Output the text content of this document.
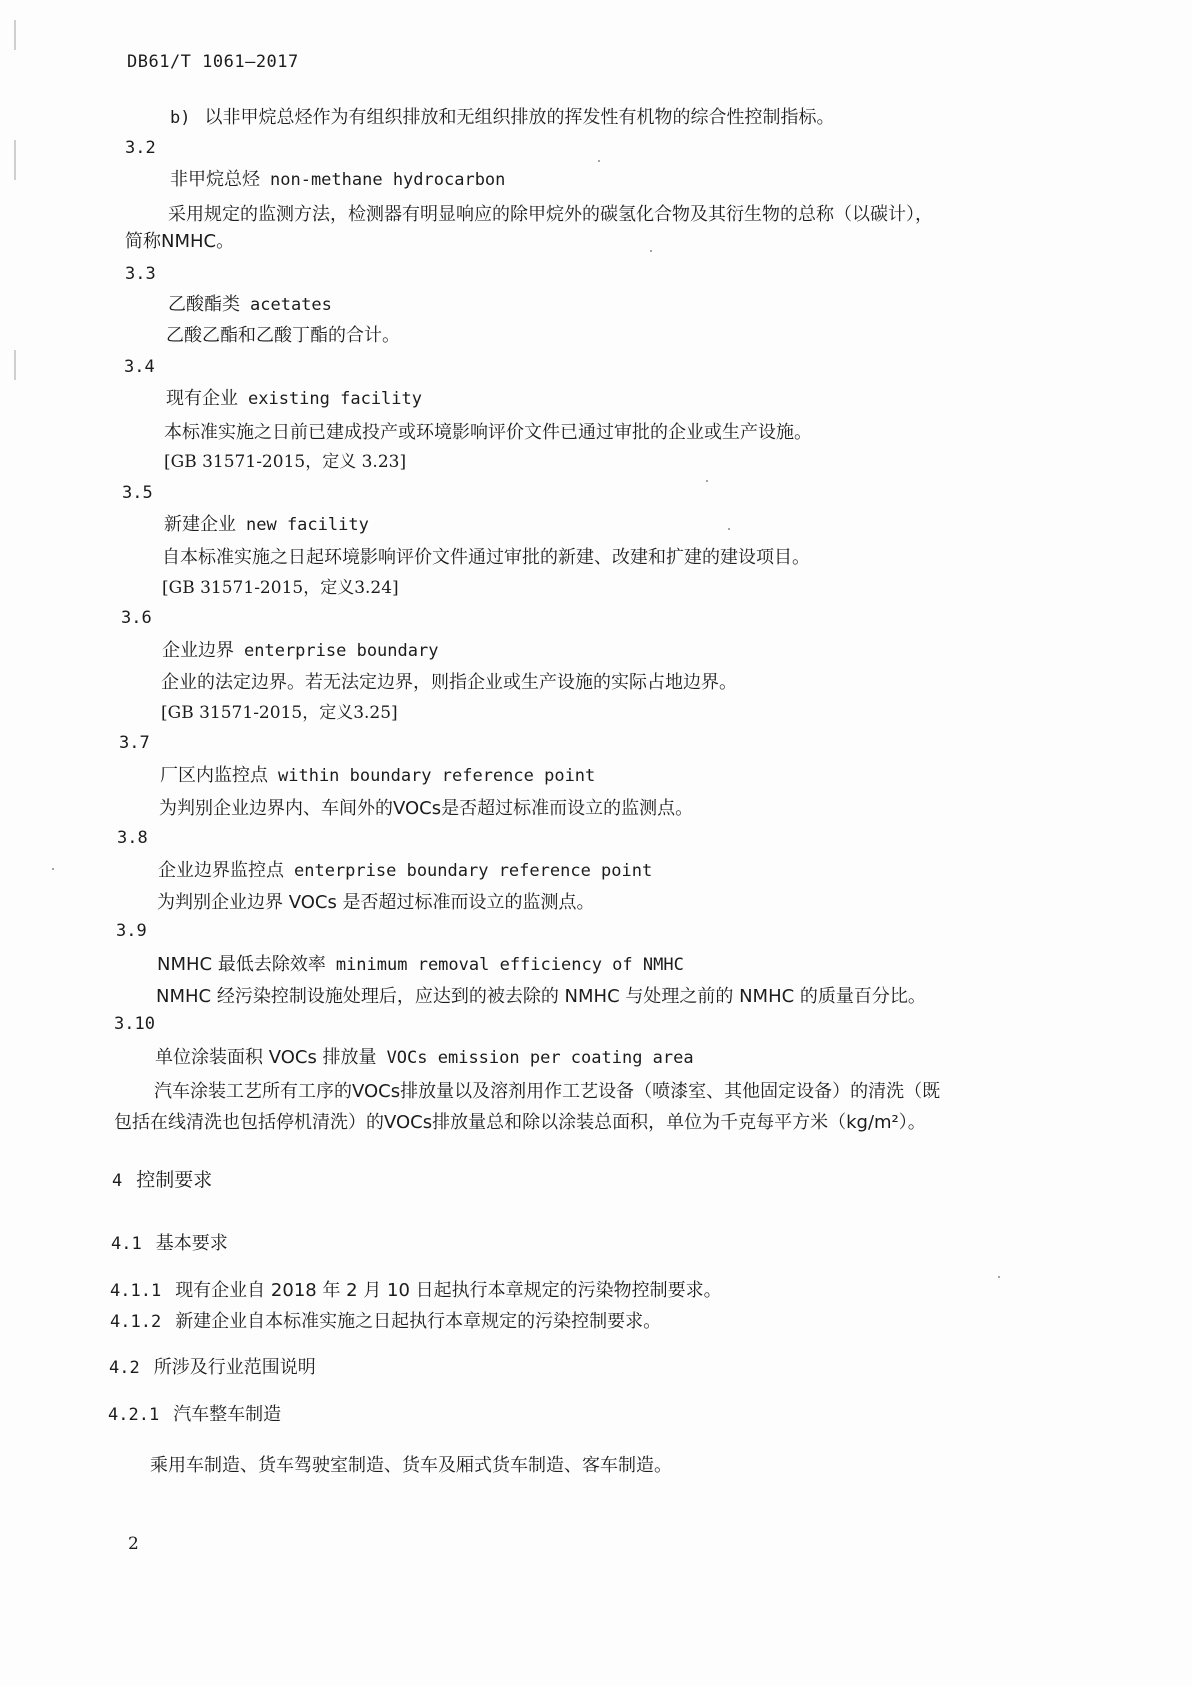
DB61/T 1061—2017
b) 以非甲烷总烃作为有组织排放和无组织排放的挥发性有机物的综合性控制指标。
3.2
非甲烷总烃 non-methane hydrocarbon
采用规定的监测方法，检测器有明显响应的除甲烷外的碳氢化合物及其衍生物的总称（以碳计），
简称NMHC。
3.3
乙酸酯类 acetates
乙酸乙酯和乙酸丁酯的合计。
3.4
现有企业 existing facility
本标准实施之日前已建成投产或环境影响评价文件已通过审批的企业或生产设施。
[GB 31571-2015，定义 3.23]
3.5
新建企业 new facility
自本标准实施之日起环境影响评价文件通过审批的新建、改建和扩建的建设项目。
[GB 31571-2015，定义3.24]
3.6
企业边界 enterprise boundary
企业的法定边界。若无法定边界，则指企业或生产设施的实际占地边界。
[GB 31571-2015，定义3.25]
3.7
厂区内监控点 within boundary reference point
为判别企业边界内、车间外的VOCs是否超过标准而设立的监测点。
3.8
企业边界监控点 enterprise boundary reference point
为判别企业边界 VOCs 是否超过标准而设立的监测点。
3.9
NMHC 最低去除效率 minimum removal efficiency of NMHC
NMHC 经污染控制设施处理后，应达到的被去除的 NMHC 与处理之前的 NMHC 的质量百分比。
3.10
单位涂装面积 VOCs 排放量 VOCs emission per coating area
汽车涂装工艺所有工序的VOCs排放量以及溶剂用作工艺设备（喷漆室、其他固定设备）的清洗（既
包括在线清洗也包括停机清洗）的VOCs排放量总和除以涂装总面积，单位为千克每平方米（kg/m²）。
4 控制要求
4.1 基本要求
4.1.1 现有企业自 2018 年 2 月 10 日起执行本章规定的污染物控制要求。
4.1.2 新建企业自本标准实施之日起执行本章规定的污染控制要求。
4.2 所涉及行业范围说明
4.2.1 汽车整车制造
乘用车制造、货车驾驶室制造、货车及厢式货车制造、客车制造。
2
